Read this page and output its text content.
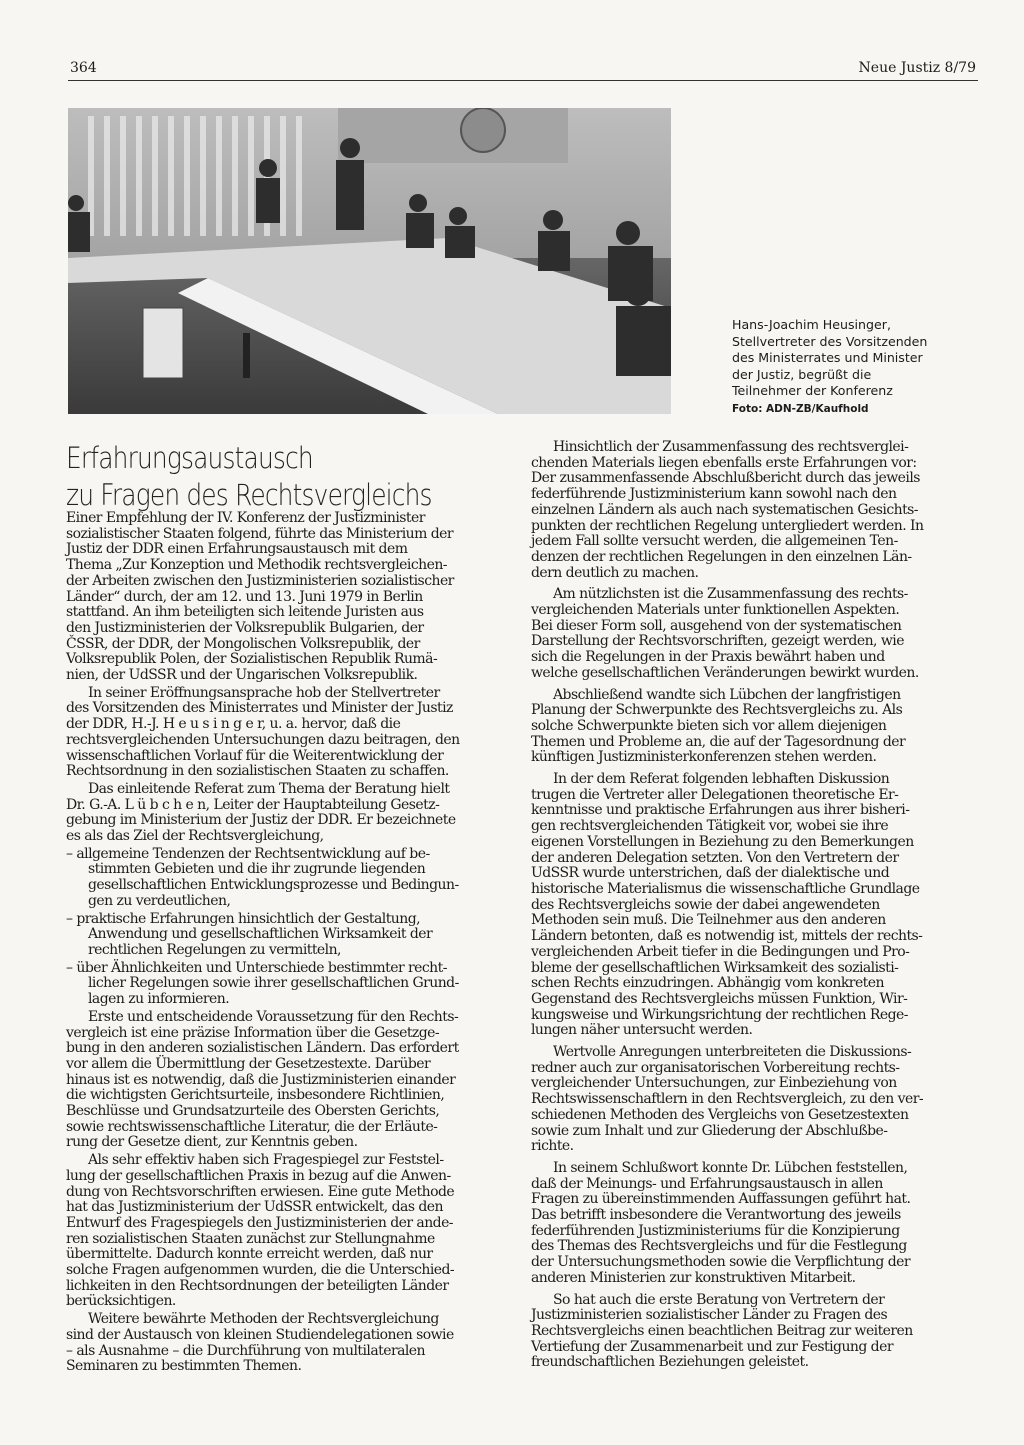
364	Neue Justiz 8/79
Hans-Joachim Heusinger,
Stellvertreter des Vorsitzenden
des Ministerrates und Minister
der Justiz, begrüßt die
Teilnehmer der Konferenz
Foto: ADN-ZB/Kaufhold
Erfahrungsaustausch
zu Fragen des Rechtsvergleichs
Einer Empfehlung der IV. Konferenz der Justizminister
sozialistischer Staaten folgend, führte das Ministerium der
Justiz der DDR einen Erfahrungsaustausch mit dem
Thema „Zur Konzeption und Methodik rechtsvergleichen-
der Arbeiten zwischen den Justizministerien sozialistischer
Länder“ durch, der am 12. und 13. Juni 1979 in Berlin
stattfand. An ihm beteiligten sich leitende Juristen aus
den Justizministerien der Volksrepublik Bulgarien, der
ČSSR, der DDR, der Mongolischen Volksrepublik, der
Volksrepublik Polen, der Sozialistischen Republik Rumä-
nien, der UdSSR und der Ungarischen Volksrepublik.
In seiner Eröffnungsansprache hob der Stellvertreter
des Vorsitzenden des Ministerrates und Minister der Justiz
der DDR, H.-J. H e u s i n g e r, u. a. hervor, daß die
rechtsvergleichenden Untersuchungen dazu beitragen, den
wissenschaftlichen Vorlauf für die Weiterentwicklung der
Rechtsordnung in den sozialistischen Staaten zu schaffen.
Das einleitende Referat zum Thema der Beratung hielt
Dr. G.-A. L ü b c h e n, Leiter der Hauptabteilung Gesetz-
gebung im Ministerium der Justiz der DDR. Er bezeichnete
es als das Ziel der Rechtsvergleichung,
– allgemeine Tendenzen der Rechtsentwicklung auf be-
stimmten Gebieten und die ihr zugrunde liegenden
gesellschaftlichen Entwicklungsprozesse und Bedingun-
gen zu verdeutlichen,
– praktische Erfahrungen hinsichtlich der Gestaltung,
Anwendung und gesellschaftlichen Wirksamkeit der
rechtlichen Regelungen zu vermitteln,
– über Ähnlichkeiten und Unterschiede bestimmter recht-
licher Regelungen sowie ihrer gesellschaftlichen Grund-
lagen zu informieren.
Erste und entscheidende Voraussetzung für den Rechts-
vergleich ist eine präzise Information über die Gesetzge-
bung in den anderen sozialistischen Ländern. Das erfordert
vor allem die Übermittlung der Gesetzestexte. Darüber
hinaus ist es notwendig, daß die Justizministerien einander
die wichtigsten Gerichtsurteile, insbesondere Richtlinien,
Beschlüsse und Grundsatzurteile des Obersten Gerichts,
sowie rechtswissenschaftliche Literatur, die der Erläute-
rung der Gesetze dient, zur Kenntnis geben.
Als sehr effektiv haben sich Fragespiegel zur Feststel-
lung der gesellschaftlichen Praxis in bezug auf die Anwen-
dung von Rechtsvorschriften erwiesen. Eine gute Methode
hat das Justizministerium der UdSSR entwickelt, das den
Entwurf des Fragespiegels den Justizministerien der ande-
ren sozialistischen Staaten zunächst zur Stellungnahme
übermittelte. Dadurch konnte erreicht werden, daß nur
solche Fragen aufgenommen wurden, die die Unterschied-
lichkeiten in den Rechtsordnungen der beteiligten Länder
berücksichtigen.
Weitere bewährte Methoden der Rechtsvergleichung
sind der Austausch von kleinen Studiendelegationen sowie
– als Ausnahme – die Durchführung von multilateralen
Seminaren zu bestimmten Themen.
Hinsichtlich der Zusammenfassung des rechtsverglei-
chenden Materials liegen ebenfalls erste Erfahrungen vor:
Der zusammenfassende Abschlußbericht durch das jeweils
federführende Justizministerium kann sowohl nach den
einzelnen Ländern als auch nach systematischen Gesichts-
punkten der rechtlichen Regelung untergliedert werden. In
jedem Fall sollte versucht werden, die allgemeinen Ten-
denzen der rechtlichen Regelungen in den einzelnen Län-
dern deutlich zu machen.
Am nützlichsten ist die Zusammenfassung des rechts-
vergleichenden Materials unter funktionellen Aspekten.
Bei dieser Form soll, ausgehend von der systematischen
Darstellung der Rechtsvorschriften, gezeigt werden, wie
sich die Regelungen in der Praxis bewährt haben und
welche gesellschaftlichen Veränderungen bewirkt wurden.
Abschließend wandte sich Lübchen der langfristigen
Planung der Schwerpunkte des Rechtsvergleichs zu. Als
solche Schwerpunkte bieten sich vor allem diejenigen
Themen und Probleme an, die auf der Tagesordnung der
künftigen Justizministerkonferenzen stehen werden.
In der dem Referat folgenden lebhaften Diskussion
trugen die Vertreter aller Delegationen theoretische Er-
kenntnisse und praktische Erfahrungen aus ihrer bisheri-
gen rechtsvergleichenden Tätigkeit vor, wobei sie ihre
eigenen Vorstellungen in Beziehung zu den Bemerkungen
der anderen Delegation setzten. Von den Vertretern der
UdSSR wurde unterstrichen, daß der dialektische und
historische Materialismus die wissenschaftliche Grundlage
des Rechtsvergleichs sowie der dabei angewendeten
Methoden sein muß. Die Teilnehmer aus den anderen
Ländern betonten, daß es notwendig ist, mittels der rechts-
vergleichenden Arbeit tiefer in die Bedingungen und Pro-
bleme der gesellschaftlichen Wirksamkeit des sozialisti-
schen Rechts einzudringen. Abhängig vom konkreten
Gegenstand des Rechtsvergleichs müssen Funktion, Wir-
kungsweise und Wirkungsrichtung der rechtlichen Rege-
lungen näher untersucht werden.
Wertvolle Anregungen unterbreiteten die Diskussions-
redner auch zur organisatorischen Vorbereitung rechts-
vergleichender Untersuchungen, zur Einbeziehung von
Rechtswissenschaftlern in den Rechtsvergleich, zu den ver-
schiedenen Methoden des Vergleichs von Gesetzestexten
sowie zum Inhalt und zur Gliederung der Abschlußbe-
richte.
In seinem Schlußwort konnte Dr. Lübchen feststellen,
daß der Meinungs- und Erfahrungsaustausch in allen
Fragen zu übereinstimmenden Auffassungen geführt hat.
Das betrifft insbesondere die Verantwortung des jeweils
federführenden Justizministeriums für die Konzipierung
des Themas des Rechtsvergleichs und für die Festlegung
der Untersuchungsmethoden sowie die Verpflichtung der
anderen Ministerien zur konstruktiven Mitarbeit.
So hat auch die erste Beratung von Vertretern der
Justizministerien sozialistischer Länder zu Fragen des
Rechtsvergleichs einen beachtlichen Beitrag zur weiteren
Vertiefung der Zusammenarbeit und zur Festigung der
freundschaftlichen Beziehungen geleistet.
